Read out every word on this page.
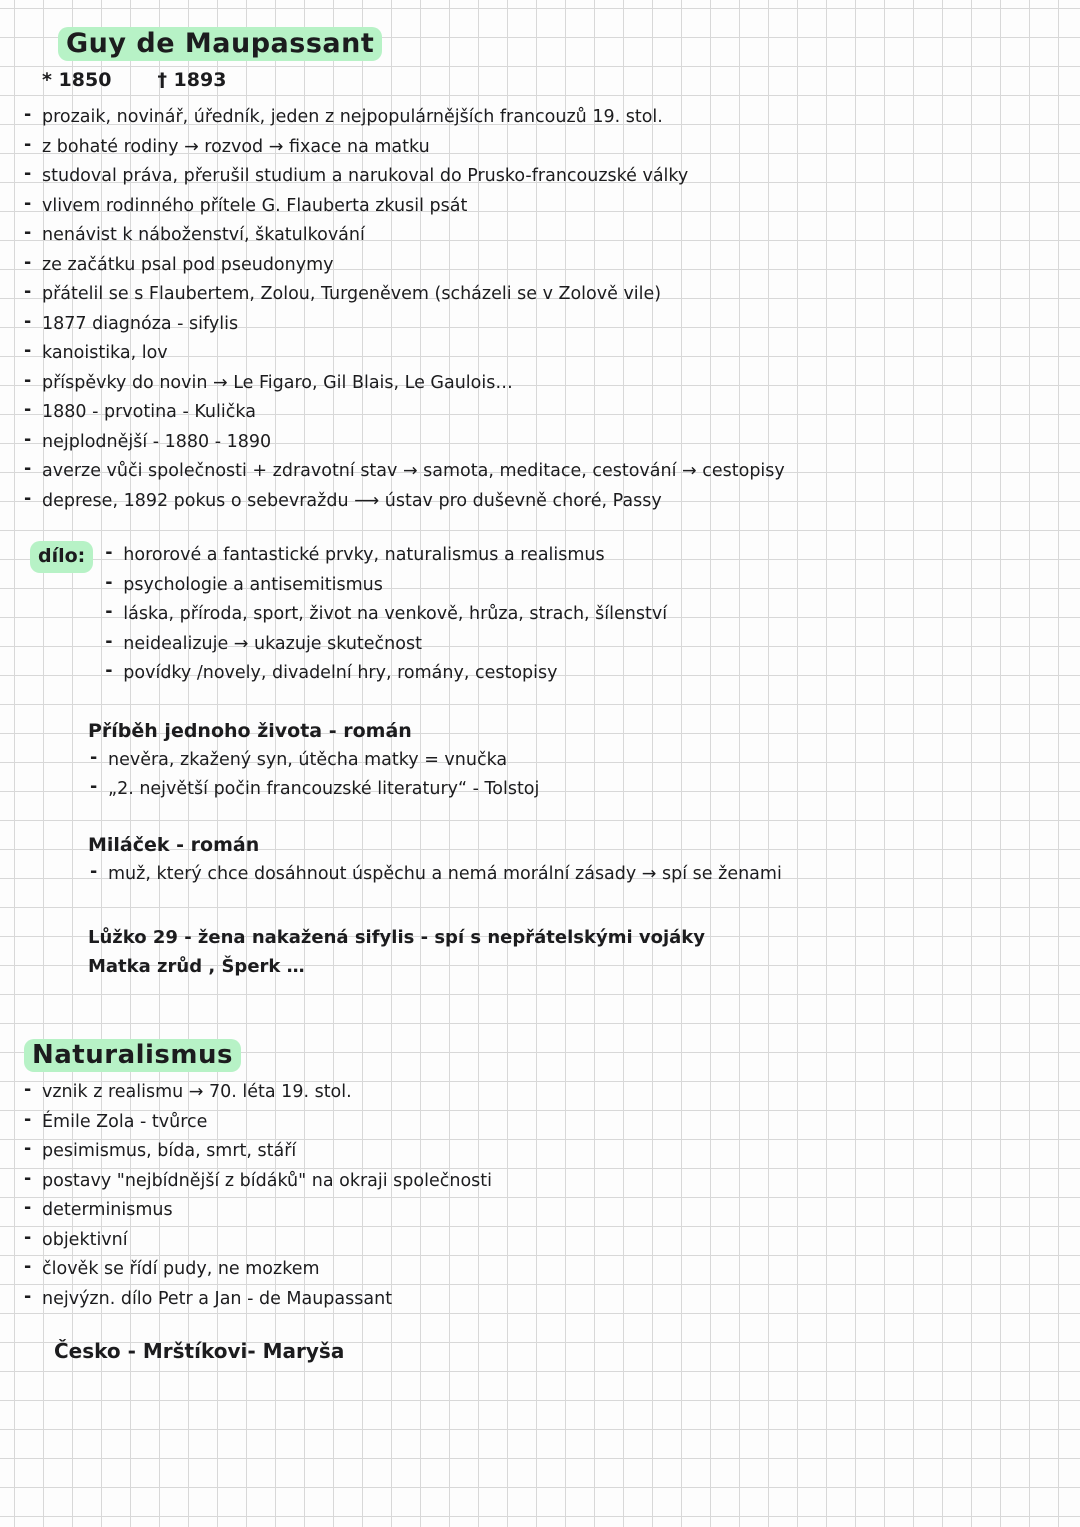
Guy de Maupassant
* 1850 † 1893
- prozaik, novinář, úředník, jeden z nejpopulárnějších francouzů 19. stol.
- z bohaté rodiny → rozvod → fixace na matku
- studoval práva, přerušil studium a narukoval do Prusko-francouzské války
- vlivem rodinného přítele G. Flauberta zkusil psát
- nenávist k náboženství, škatulkování
- ze začátku psal pod pseudonymy
- přátelil se s Flaubertem, Zolou, Turgeněvem (scházeli se v Zolově vile)
- 1877 diagnóza - sifylis
- kanoistika, lov
- příspěvky do novin → Le Figaro, Gil Blais, Le Gaulois…
- 1880 - prvotina - Kulička
- nejplodnější - 1880 - 1890
- averze vůči společnosti + zdravotní stav → samota, meditace, cestování → cestopisy
- deprese, 1892 pokus o sebevraždu ⟶ ústav pro duševně choré, Passy
dílo:	- hororové a fantastické prvky, naturalismus a realismus
- psychologie a antisemitismus
- láska, příroda, sport, život na venkově, hrůza, strach, šílenství
- neidealizuje → ukazuje skutečnost
- povídky /novely, divadelní hry, romány, cestopisy
Příběh jednoho života - román
- nevěra, zkažený syn, útěcha matky = vnučka
- „2. největší počin francouzské literatury“ - Tolstoj
Miláček - román
- muž, který chce dosáhnout úspěchu a nemá morální zásady → spí se ženami
Lůžko 29 - žena nakažená sifylis - spí s nepřátelskými vojáky
Matka zrůd , Šperk …
Naturalismus
- vznik z realismu → 70. léta 19. stol.
- Émile Zola - tvůrce
- pesimismus, bída, smrt, stáří
- postavy "nejbídnější z bídáků" na okraji společnosti
- determinismus
- objektivní
- člověk se řídí pudy, ne mozkem
- nejvýzn. dílo Petr a Jan - de Maupassant
Česko - Mrštíkovi- Maryša
